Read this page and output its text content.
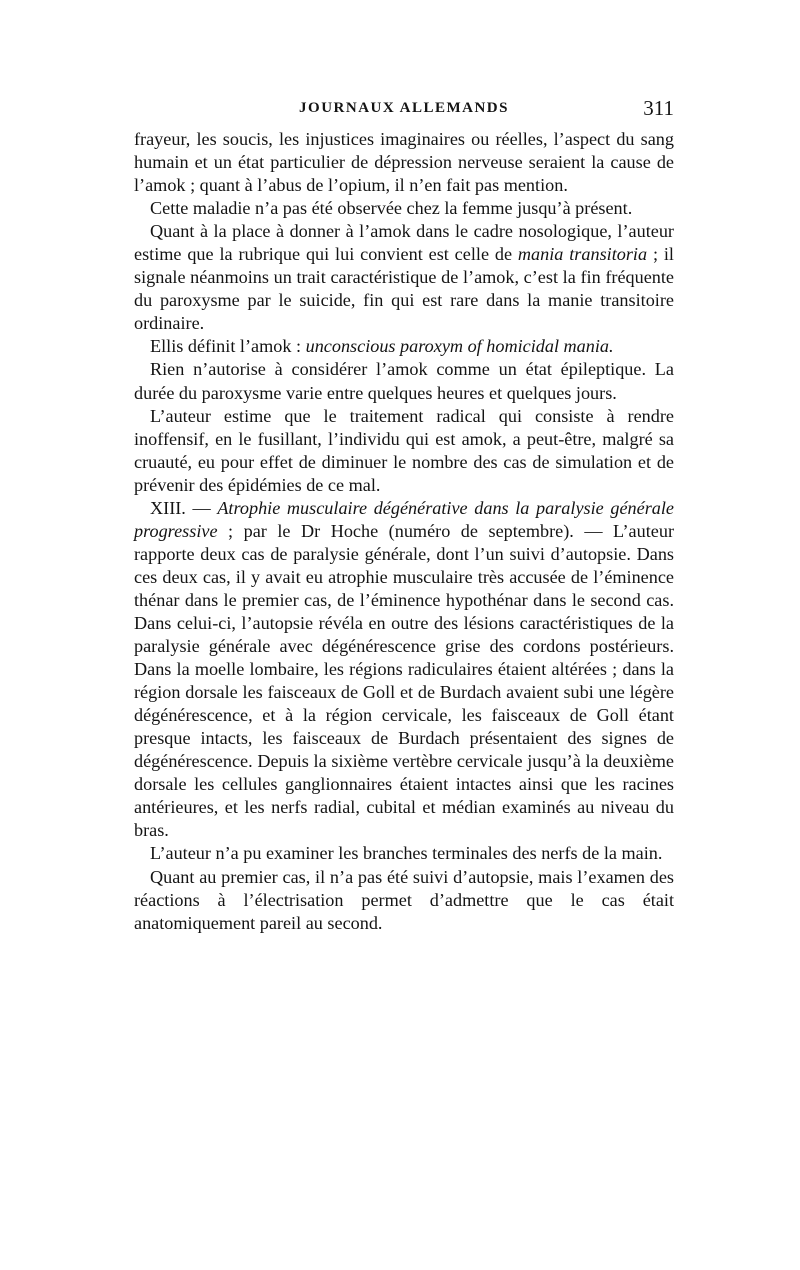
JOURNAUX ALLEMANDS	311

frayeur, les soucis, les injustices imaginaires ou réelles, l’aspect du sang humain et un état particulier de dépression nerveuse seraient la cause de l’amok ; quant à l’abus de l’opium, il n’en fait pas mention.

Cette maladie n’a pas été observée chez la femme jusqu’à présent.

Quant à la place à donner à l’amok dans le cadre nosologique, l’auteur estime que la rubrique qui lui convient est celle de mania transitoria ; il signale néanmoins un trait caractéristique de l’amok, c’est la fin fréquente du paroxysme par le suicide, fin qui est rare dans la manie transitoire ordinaire.

Ellis définit l’amok : unconscious paroxym of homicidal mania.

Rien n’autorise à considérer l’amok comme un état épileptique. La durée du paroxysme varie entre quelques heures et quelques jours.

L’auteur estime que le traitement radical qui consiste à rendre inoffensif, en le fusillant, l’individu qui est amok, a peut-être, malgré sa cruauté, eu pour effet de diminuer le nombre des cas de simulation et de prévenir des épidémies de ce mal.

XIII. — Atrophie musculaire dégénérative dans la paralysie générale progressive ; par le Dr Hoche (numéro de septembre). — L’auteur rapporte deux cas de paralysie générale, dont l’un suivi d’autopsie. Dans ces deux cas, il y avait eu atrophie musculaire très accusée de l’éminence thénar dans le premier cas, de l’éminence hypothénar dans le second cas. Dans celui-ci, l’autopsie révéla en outre des lésions caractéristiques de la paralysie générale avec dégénérescence grise des cordons postérieurs. Dans la moelle lombaire, les régions radiculaires étaient altérées ; dans la région dorsale les faisceaux de Goll et de Burdach avaient subi une légère dégénérescence, et à la région cervicale, les faisceaux de Goll étant presque intacts, les faisceaux de Burdach présentaient des signes de dégénérescence. Depuis la sixième vertèbre cervicale jusqu’à la deuxième dorsale les cellules ganglionnaires étaient intactes ainsi que les racines antérieures, et les nerfs radial, cubital et médian examinés au niveau du bras.

L’auteur n’a pu examiner les branches terminales des nerfs de la main.

Quant au premier cas, il n’a pas été suivi d’autopsie, mais l’examen des réactions à l’électrisation permet d’admettre que le cas était anatomiquement pareil au second.
